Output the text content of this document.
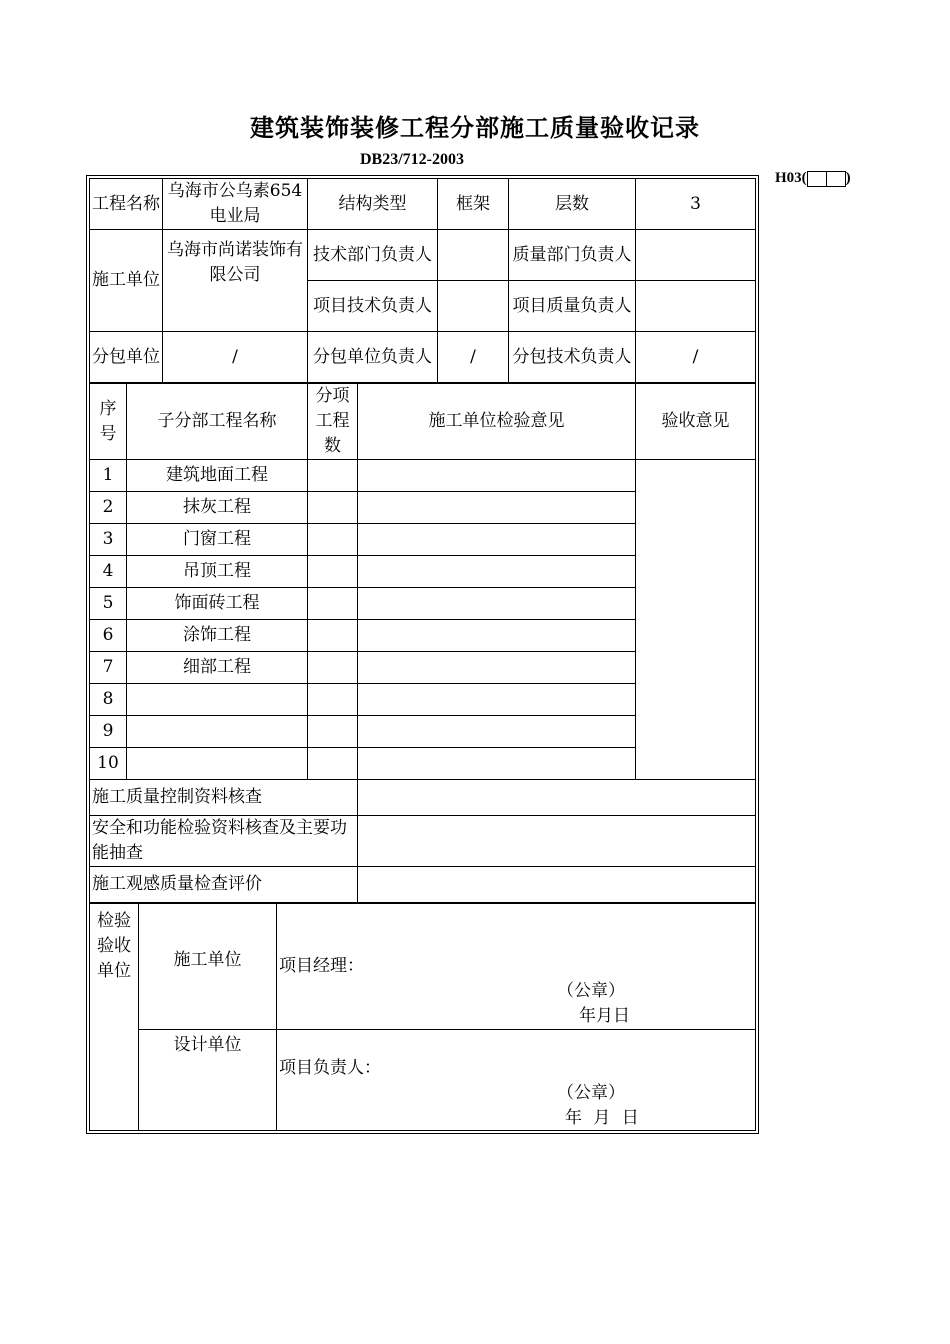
建筑装饰装修工程分部施工质量验收记录
DB23/712-2003
H03(	)
工程名称	乌海市公乌素654电业局	结构类型	框架	层数	3
施工单位	乌海市尚诺装饰有限公司	技术部门负责人		质量部门负责人	
		项目技术负责人		项目质量负责人	
分包单位	/	分包单位负责人	/	分包技术负责人	/
序号	子分部工程名称	分项工程数	施工单位检验意见	验收意见
1	建筑地面工程			
2	抹灰工程			
3	门窗工程			
4	吊顶工程			
5	饰面砖工程			
6	涂饰工程			
7	细部工程			
8				
9				
10				
施工质量控制资料核查				
安全和功能检验资料核查及主要功能抽查				
施工观感质量检查评价				
检验验收单位	施工单位	项目经理：
（公章）
年月日

	设计单位	项目负责人：
（公章）
年 月 日
